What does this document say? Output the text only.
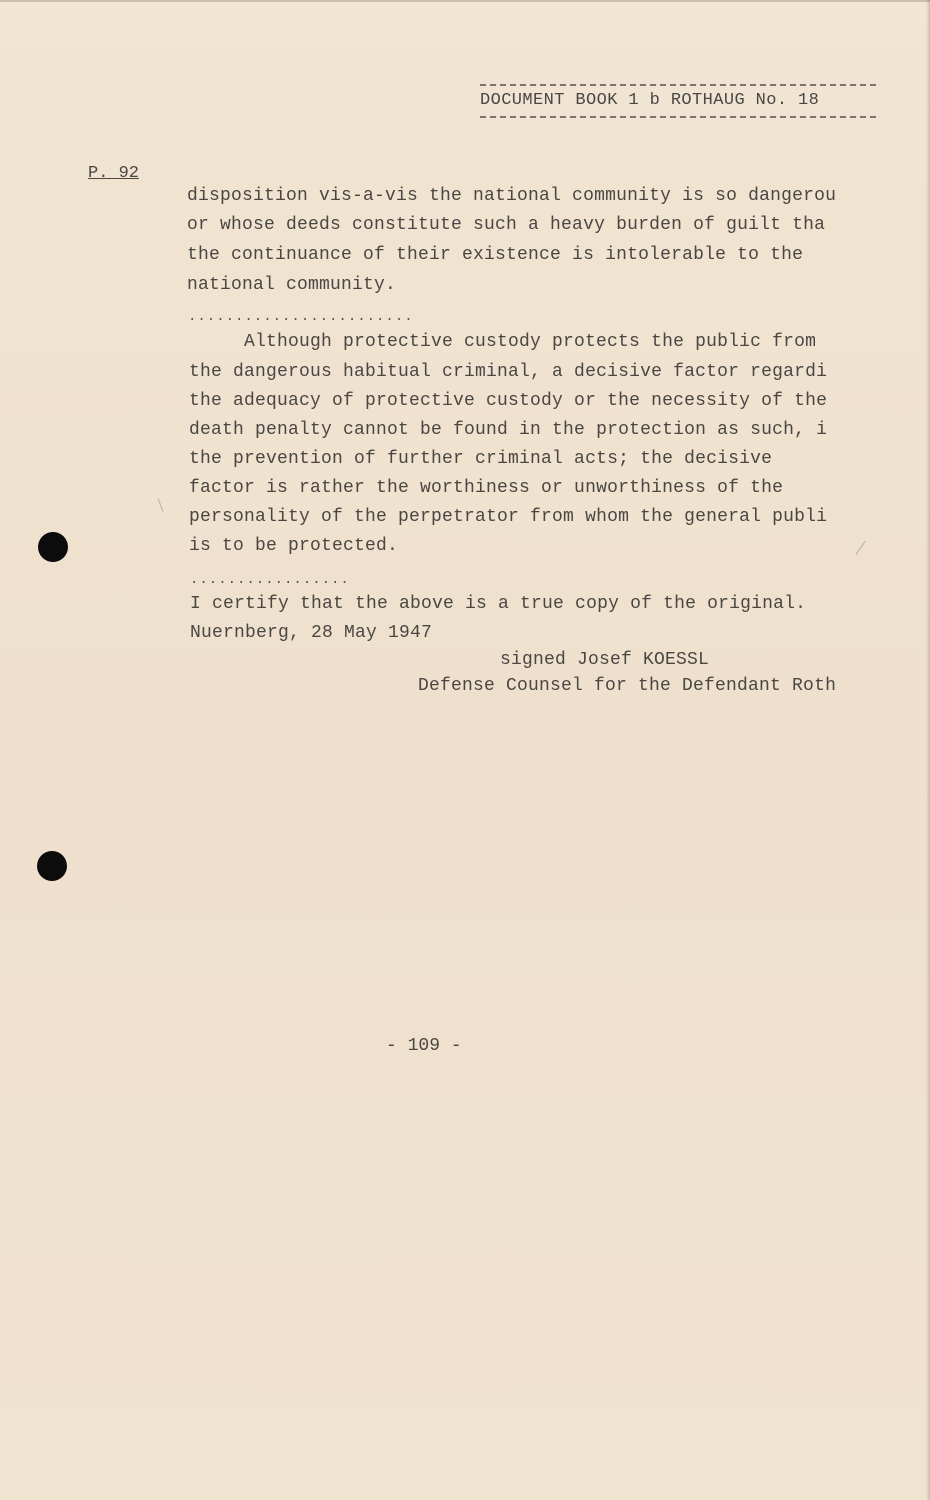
DOCUMENT BOOK 1 b ROTHAUG No. 18
P. 92
disposition vis-a-vis the national community is so dangerou
or whose deeds constitute such a heavy burden of guilt tha
the continuance of their existence is intolerable to the
national community.
........................
Although protective custody protects the public from
the dangerous habitual criminal, a decisive factor regardi
the adequacy of protective custody or the necessity of the
death penalty cannot be found in the protection as such, i
the prevention of further criminal acts; the decisive
factor is rather the worthiness or unworthiness of the
personality of the perpetrator from whom the general publi
is to be protected.
.................
I certify that the above is a true copy of the original.
Nuernberg, 28 May 1947
signed Josef KOESSL
Defense Counsel for the Defendant Roth
- 109 -
